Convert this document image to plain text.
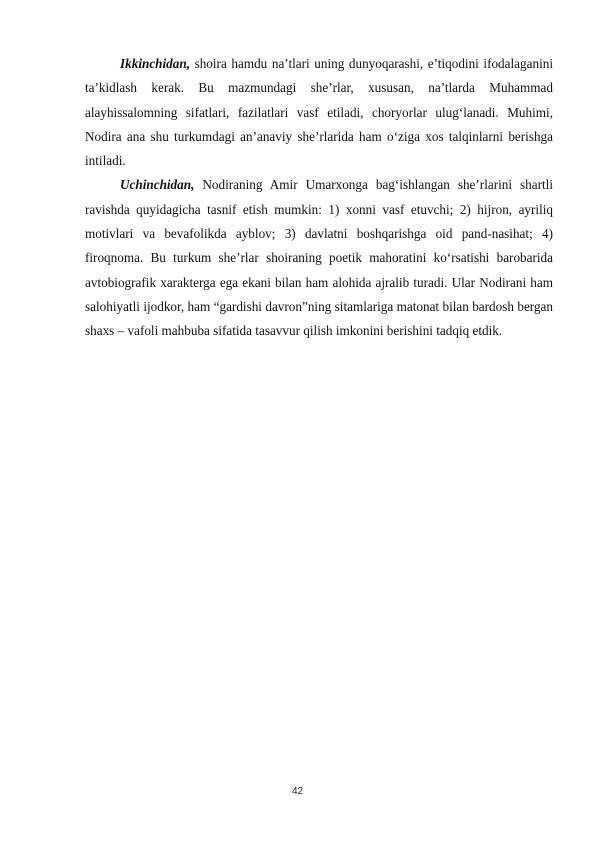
Ikkinchidan, shoira hamdu na’tlari uning dunyoqarashi, e’tiqodini ifodalaganini ta’kidlash kerak. Bu mazmundagi she’rlar, xususan, na’tlarda Muhammad alayhissalomning sifatlari, fazilatlari vasf etiladi, choryorlar ulug‘lanadi. Muhimi, Nodira ana shu turkumdagi an’anaviy she’rlarida ham o‘ziga xos talqinlarni berishga intiladi.

Uchinchidan, Nodiraning Amir Umarxonga bag‘ishlangan she’rlarini shartli ravishda quyidagicha tasnif etish mumkin: 1) xonni vasf etuvchi; 2) hijron, ayriliq motivlari va bevafolikda ayblov; 3) davlatni boshqarishga oid pand-nasihat; 4) firoqnoma. Bu turkum she’rlar shoiraning poetik mahoratini ko‘rsatishi barobarida avtobiografik xarakterga ega ekani bilan ham alohida ajralib turadi. Ular Nodirani ham salohiyatli ijodkor, ham “gardishi davron”ning sitamlariga matonat bilan bardosh bergan shaxs – vafoli mahbuba sifatida tasavvur qilish imkonini berishini tadqiq etdik.

42
